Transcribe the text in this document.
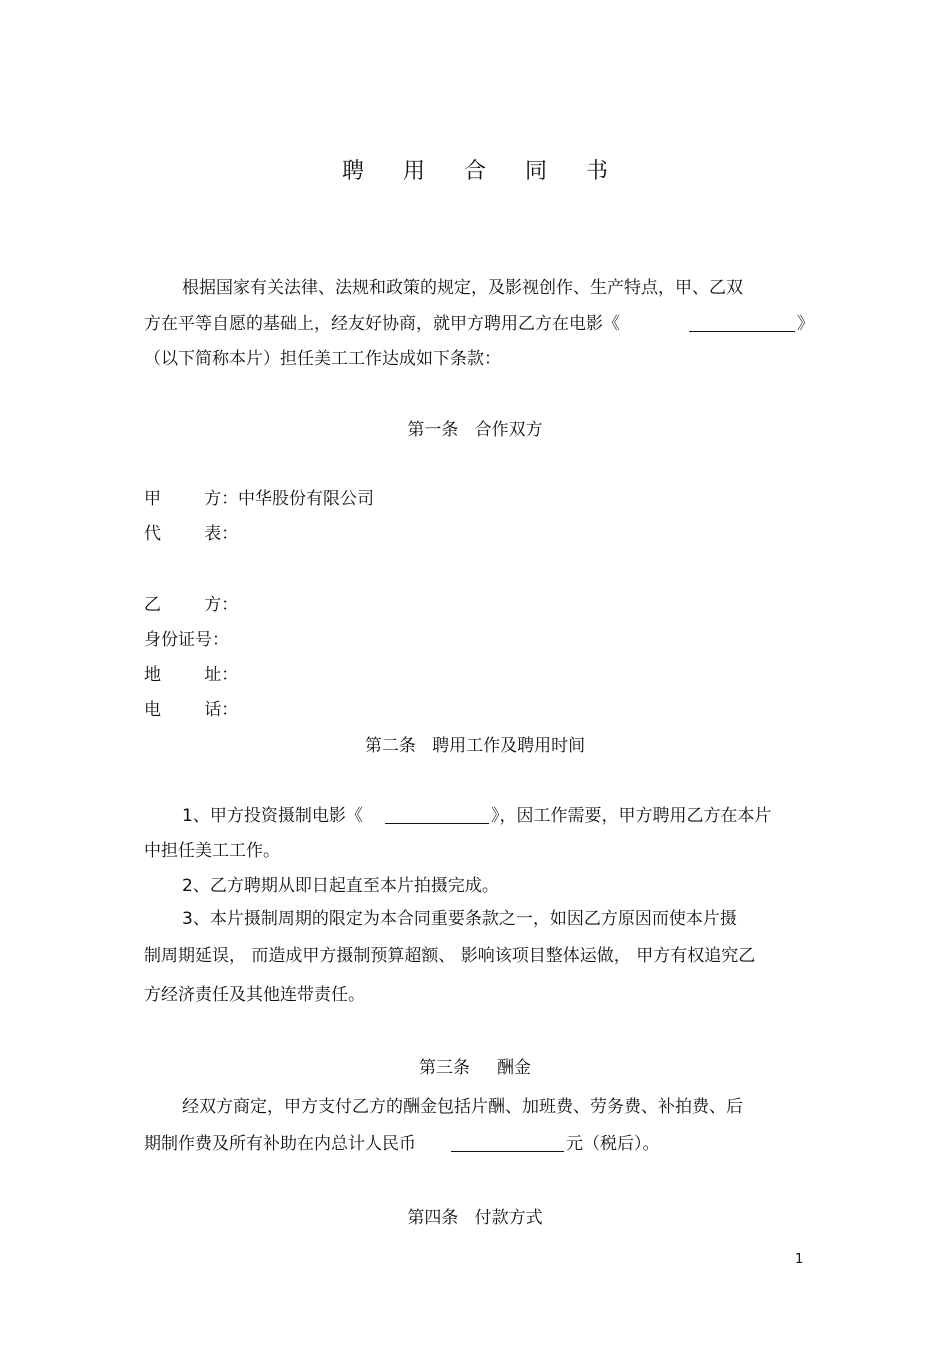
聘 用 合 同 书
根据国家有关法律、法规和政策的规定，及影视创作、生产特点，甲、乙双
方在平等自愿的基础上，经友好协商，就甲方聘用乙方在电影《	》
（以下简称本片）担任美工工作达成如下条款：
第一条   合作双方
甲        方： 中华股份有限公司
代        表：
乙        方：
身份证号：
地        址：
电        话：
第二条   聘用工作及聘用时间
1、甲方投资摄制电影《	》，因工作需要，甲方聘用乙方在本片
中担任美工工作。
2、乙方聘期从即日起直至本片拍摄完成。
3、本片摄制周期的限定为本合同重要条款之一，如因乙方原因而使本片摄
制周期延误， 而造成甲方摄制预算超额、 影响该项目整体运做， 甲方有权追究乙
方经济责任及其他连带责任。
第三条     酬金
经双方商定，甲方支付乙方的酬金包括片酬、加班费、劳务费、补拍费、后
期制作费及所有补助在内总计人民币	元（税后）。
第四条   付款方式
1
